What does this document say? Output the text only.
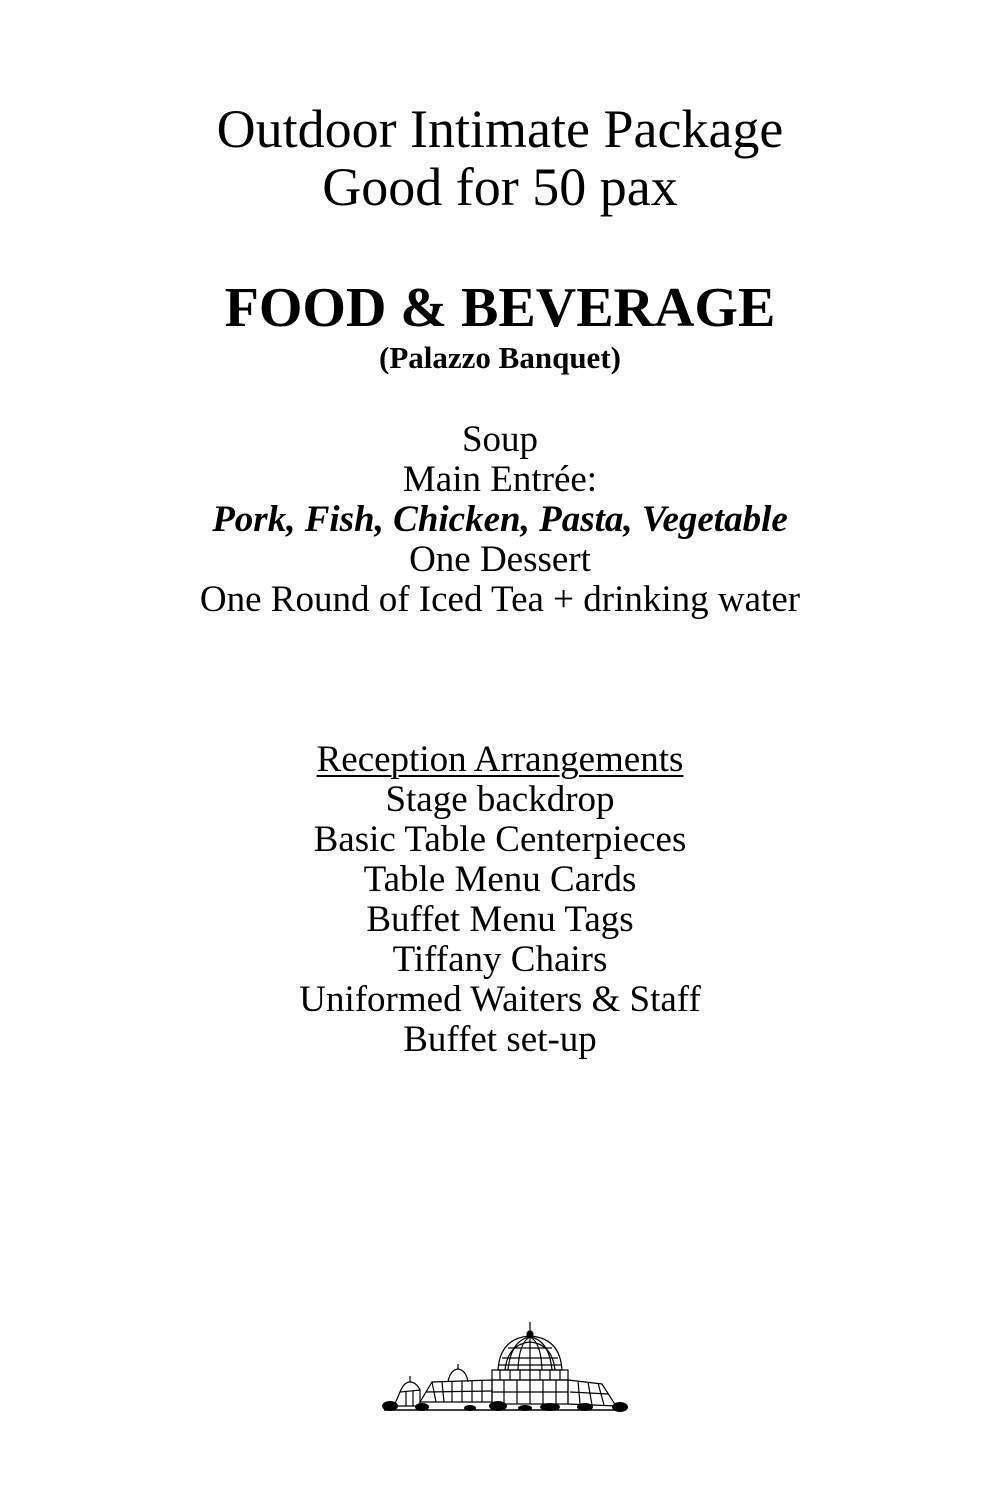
Outdoor Intimate Package
Good for 50 pax
FOOD & BEVERAGE
(Palazzo Banquet)
Soup
Main Entrée:
Pork, Fish, Chicken, Pasta, Vegetable
One Dessert
One Round of Iced Tea + drinking water
Reception Arrangements
Stage backdrop
Basic Table Centerpieces
Table Menu Cards
Buffet Menu Tags
Tiffany Chairs
Uniformed Waiters & Staff
Buffet set-up
